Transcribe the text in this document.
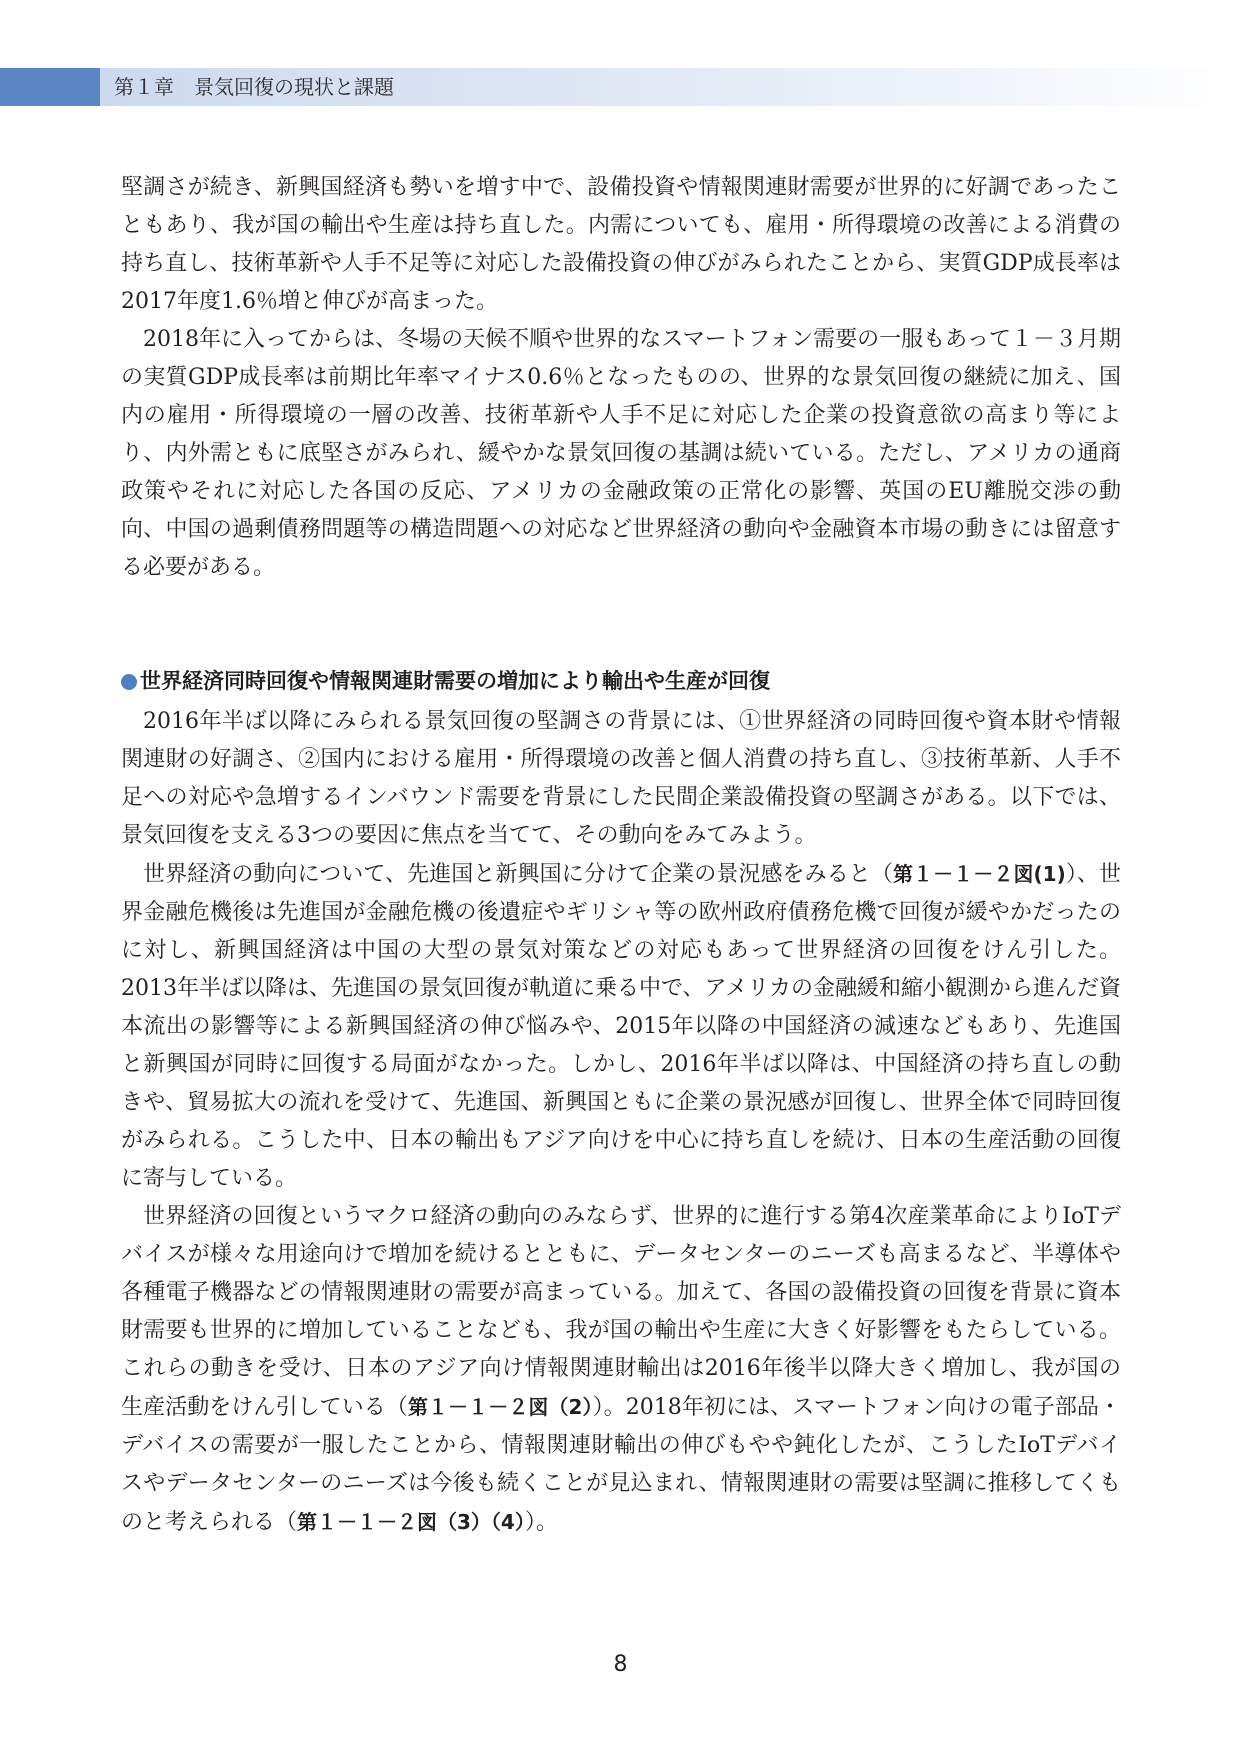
第１章　景気回復の現状と課題

堅調さが続き、新興国経済も勢いを増す中で、設備投資や情報関連財需要が世界的に好調であったこともあり、我が国の輸出や生産は持ち直した。内需についても、雇用・所得環境の改善による消費の持ち直し、技術革新や人手不足等に対応した設備投資の伸びがみられたことから、実質GDP成長率は2017年度1.6％増と伸びが高まった。

2018年に入ってからは、冬場の天候不順や世界的なスマートフォン需要の一服もあって１－３月期の実質GDP成長率は前期比年率マイナス0.6％となったものの、世界的な景気回復の継続に加え、国内の雇用・所得環境の一層の改善、技術革新や人手不足に対応した企業の投資意欲の高まり等により、内外需ともに底堅さがみられ、緩やかな景気回復の基調は続いている。ただし、アメリカの通商政策やそれに対応した各国の反応、アメリカの金融政策の正常化の影響、英国のEU離脱交渉の動向、中国の過剰債務問題等の構造問題への対応など世界経済の動向や金融資本市場の動きには留意する必要がある。

世界経済同時回復や情報関連財需要の増加により輸出や生産が回復

2016年半ば以降にみられる景気回復の堅調さの背景には、①世界経済の同時回復や資本財や情報関連財の好調さ、②国内における雇用・所得環境の改善と個人消費の持ち直し、③技術革新、人手不足への対応や急増するインバウンド需要を背景にした民間企業設備投資の堅調さがある。以下では、景気回復を支える3つの要因に焦点を当てて、その動向をみてみよう。

世界経済の動向について、先進国と新興国に分けて企業の景況感をみると（第１－１－２図(1)）、世界金融危機後は先進国が金融危機の後遺症やギリシャ等の欧州政府債務危機で回復が緩やかだったのに対し、新興国経済は中国の大型の景気対策などの対応もあって世界経済の回復をけん引した。2013年半ば以降は、先進国の景気回復が軌道に乗る中で、アメリカの金融緩和縮小観測から進んだ資本流出の影響等による新興国経済の伸び悩みや、2015年以降の中国経済の減速などもあり、先進国と新興国が同時に回復する局面がなかった。しかし、2016年半ば以降は、中国経済の持ち直しの動きや、貿易拡大の流れを受けて、先進国、新興国ともに企業の景況感が回復し、世界全体で同時回復がみられる。こうした中、日本の輸出もアジア向けを中心に持ち直しを続け、日本の生産活動の回復に寄与している。

世界経済の回復というマクロ経済の動向のみならず、世界的に進行する第4次産業革命によりIoTデバイスが様々な用途向けで増加を続けるとともに、データセンターのニーズも高まるなど、半導体や各種電子機器などの情報関連財の需要が高まっている。加えて、各国の設備投資の回復を背景に資本財需要も世界的に増加していることなども、我が国の輸出や生産に大きく好影響をもたらしている。これらの動きを受け、日本のアジア向け情報関連財輸出は2016年後半以降大きく増加し、我が国の生産活動をけん引している（第１－１－２図（2））。2018年初には、スマートフォン向けの電子部品・デバイスの需要が一服したことから、情報関連財輸出の伸びもやや鈍化したが、こうしたIoTデバイスやデータセンターのニーズは今後も続くことが見込まれ、情報関連財の需要は堅調に推移してくものと考えられる（第１－１－２図（3）（4））。

8
